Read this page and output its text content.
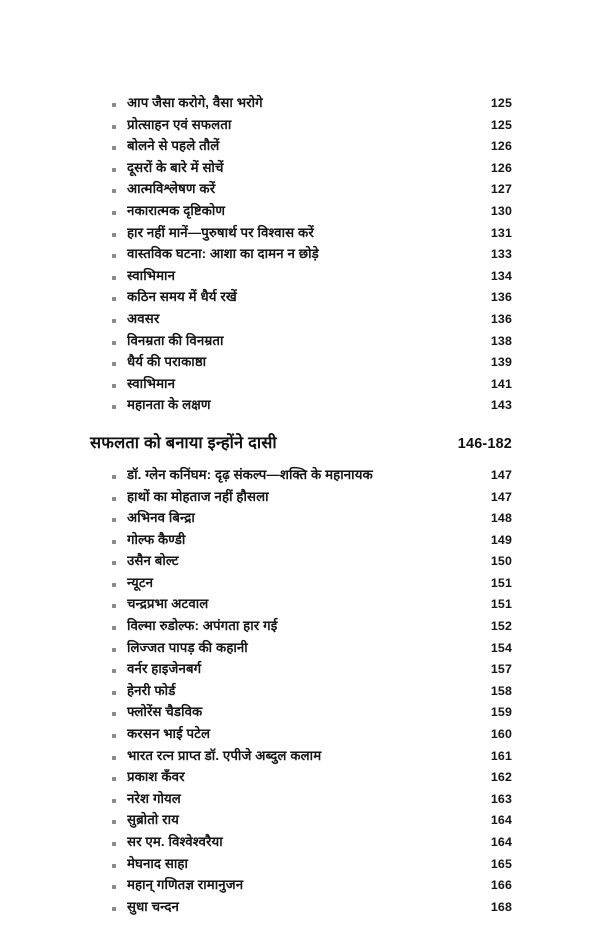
आप जैसा करोगे, वैसा भरोगे	125
प्रोत्साहन एवं सफलता	125
बोलने से पहले तौलें	126
दूसरों के बारे में सोचें	126
आत्मविश्लेषण करें	127
नकारात्मक दृष्टिकोण	130
हार नहीं मानें—पुरुषार्थ पर विश्वास करें	131
वास्तविक घटना: आशा का दामन न छोड़े	133
स्वाभिमान	134
कठिन समय में धैर्य रखें	136
अवसर	136
विनम्रता की विनम्रता	138
धैर्य की पराकाष्ठा	139
स्वाभिमान	141
महानता के लक्षण	143
सफलता को बनाया इन्होंने दासी	146-182
डॉ. ग्लेन कनिंघम: दृढ़ संकल्प—शक्ति के महानायक	147
हाथों का मोहताज नहीं हौसला	147
अभिनव बिन्द्रा	148
गोल्फ कैण्डी	149
उसैन बोल्ट	150
न्यूटन	151
चन्द्रप्रभा अटवाल	151
विल्मा रुडोल्फ: अपंगता हार गई	152
लिज्जत पापड़ की कहानी	154
वर्नर हाइजेनबर्ग	157
हेनरी फोर्ड	158
फ्लोरेंस चैडविक	159
करसन भाई पटेल	160
भारत रत्न प्राप्त डॉ. एपीजे अब्दुल कलाम	161
प्रकाश कँवर	162
नरेश गोयल	163
सुब्रोतो राय	164
सर एम. विश्वेश्वरैया	164
मेघनाद साहा	165
महान् गणितज्ञ रामानुजन	166
सुधा चन्दन	168
